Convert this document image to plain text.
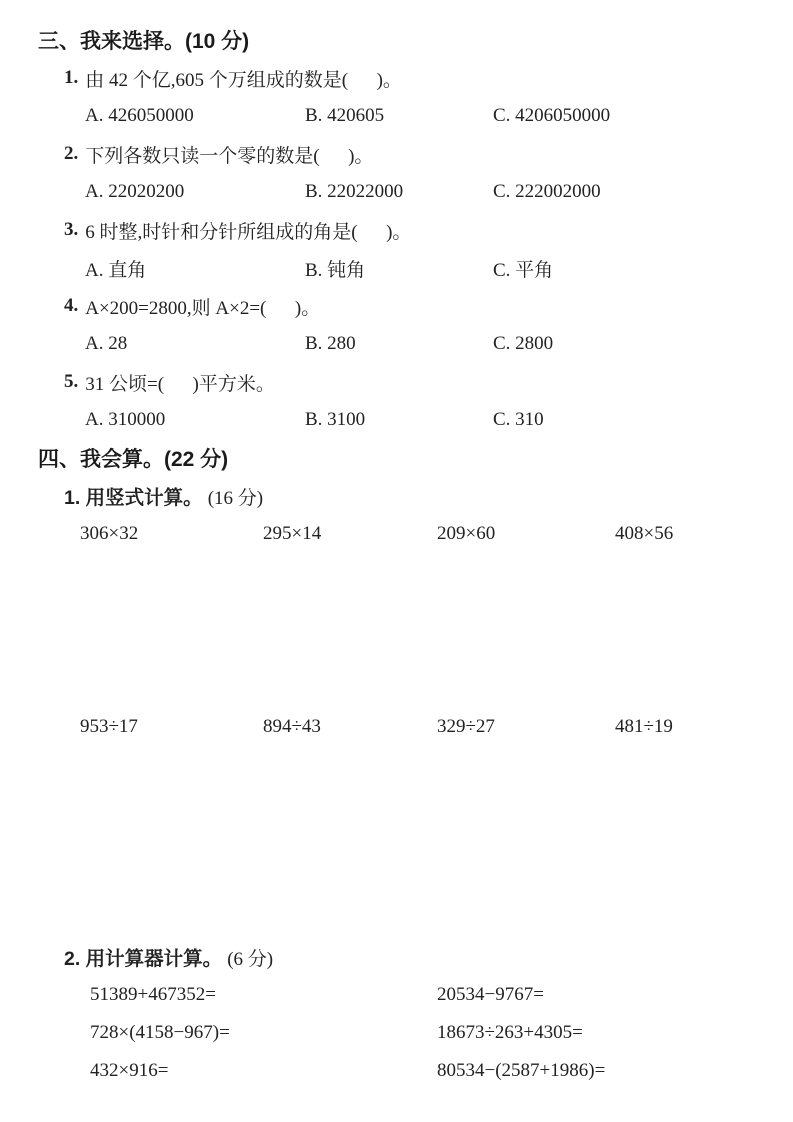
三、我来选择。(10 分)
1. 由 42 个亿,605 个万组成的数是(      )。
A. 426050000	B. 420605	C. 4206050000
2. 下列各数只读一个零的数是(      )。
A. 22020200	B. 22022000	C. 222002000
3. 6 时整,时针和分针所组成的角是(      )。
A. 直角	B. 钝角	C. 平角
4. A×200=2800,则 A×2=(      )。
A. 28	B. 280	C. 2800
5. 31 公顷=(      )平方米。
A. 310000	B. 3100	C. 310
四、我会算。(22 分)
1. 用竖式计算。 (16 分)
306×32	295×14	209×60	408×56
953÷17	894÷43	329÷27	481÷19
2. 用计算器计算。 (6 分)
51389+467352=	20534−9767=
728×(4158−967)=	18673÷263+4305=
432×916=	80534−(2587+1986)=
